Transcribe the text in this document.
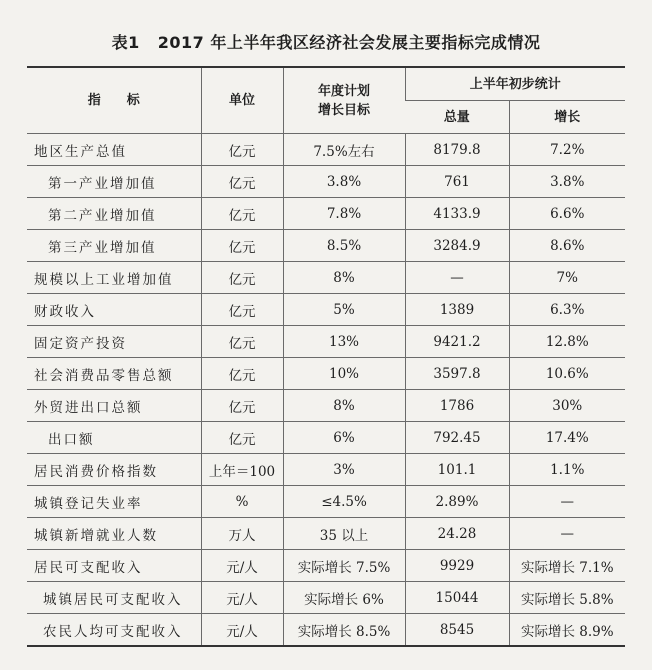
表1 2017 年上半年我区经济社会发展主要指标完成情况
指　　标	单位	年度计划
增长目标	上半年初步统计	
			总量	增长
地区生产总值	亿元	7.5%左右	8179.8	7.2%
第一产业增加值	亿元	3.8%	761	3.8%
第二产业增加值	亿元	7.8%	4133.9	6.6%
第三产业增加值	亿元	8.5%	3284.9	8.6%
规模以上工业增加值	亿元	8%	—	7%
财政收入	亿元	5%	1389	6.3%
固定资产投资	亿元	13%	9421.2	12.8%
社会消费品零售总额	亿元	10%	3597.8	10.6%
外贸进出口总额	亿元	8%	1786	30%
出口额	亿元	6%	792.45	17.4%
居民消费价格指数	上年＝100	3%	101.1	1.1%
城镇登记失业率	%	≤4.5%	2.89%	—
城镇新增就业人数	万人	35 以上	24.28	—
居民可支配收入	元/人	实际增长 7.5%	9929	实际增长 7.1%
城镇居民可支配收入	元/人	实际增长 6%	15044	实际增长 5.8%
农民人均可支配收入	元/人	实际增长 8.5%	8545	实际增长 8.9%
